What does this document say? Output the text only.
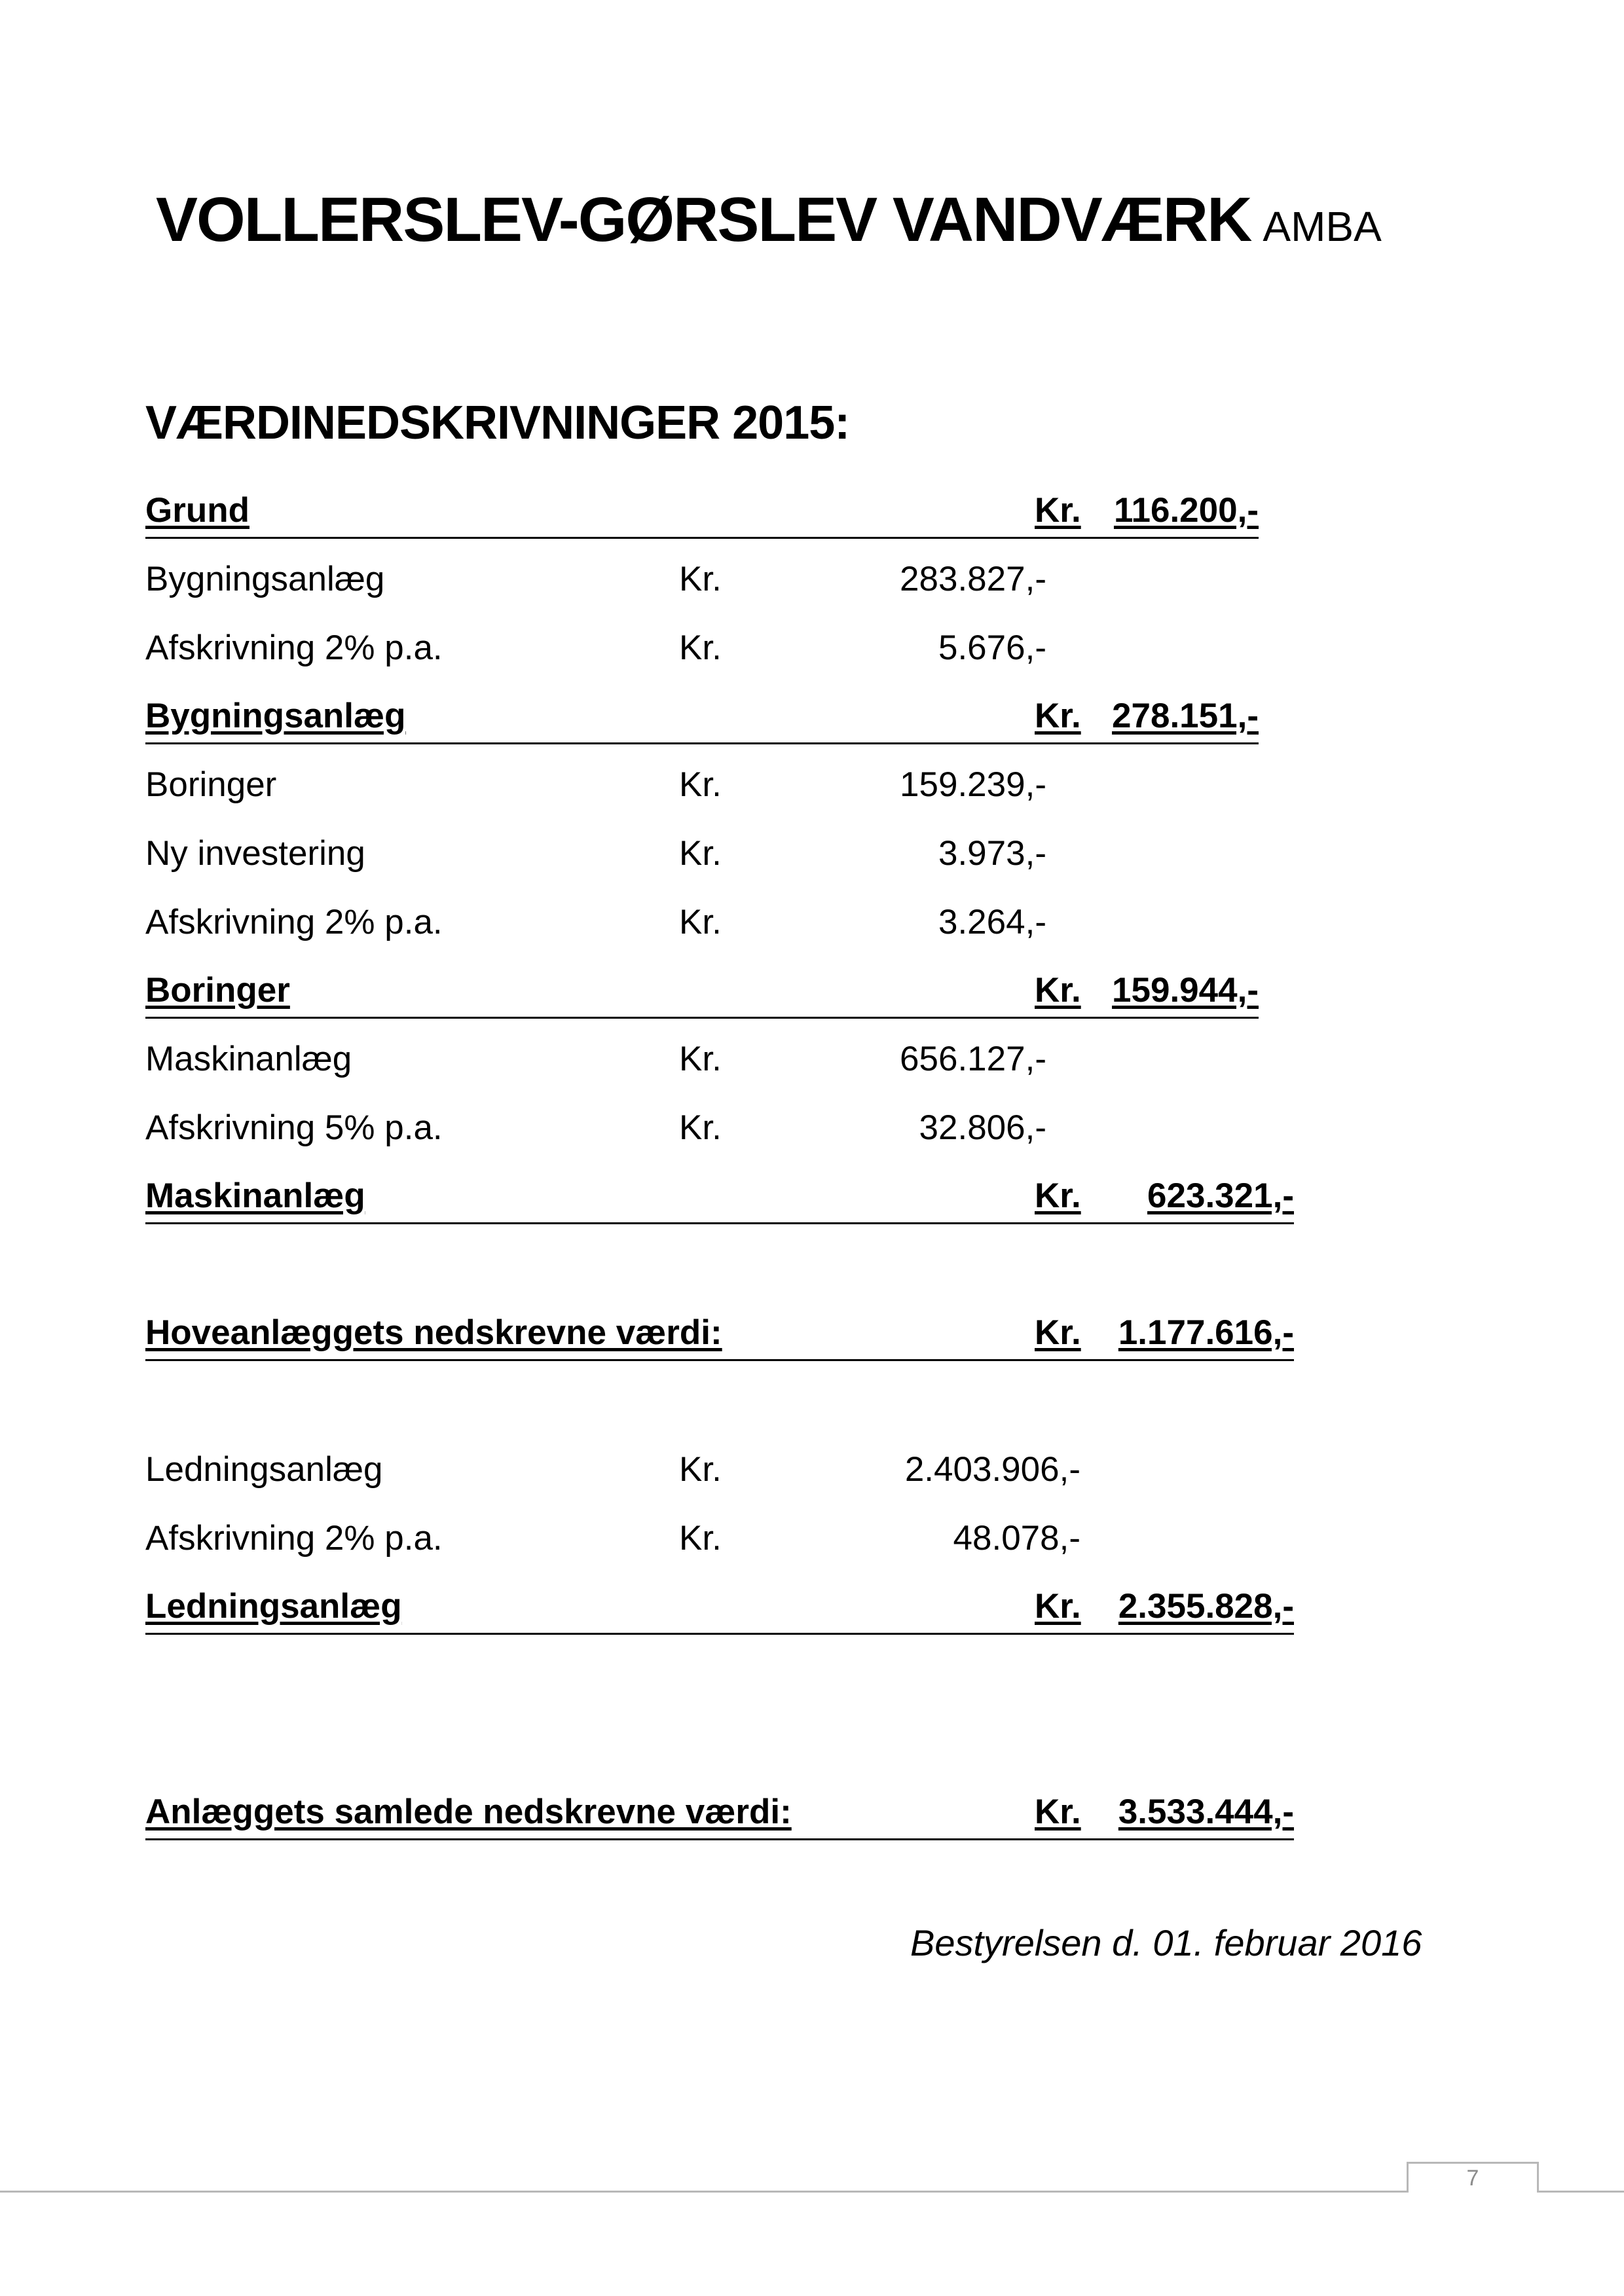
VOLLERSLEV-GØRSLEV VANDVÆRK AMBA
VÆRDINEDSKRIVNINGER 2015:
Grund	Kr. 116.200,-
Bygningsanlæg	Kr.	283.827,-
Afskrivning 2% p.a.	Kr.	5.676,-
Bygningsanlæg	Kr. 278.151,-
Boringer	Kr.	159.239,-
Ny investering	Kr.	3.973,-
Afskrivning 2% p.a.	Kr.	3.264,-
Boringer	Kr. 159.944,-
Maskinanlæg	Kr.	656.127,-
Afskrivning 5% p.a.	Kr.	32.806,-
Maskinanlæg	Kr.	623.321,-
Hoveanlæggets nedskrevne værdi:	Kr.	1.177.616,-
Ledningsanlæg	Kr.	2.403.906,-
Afskrivning 2% p.a.	Kr.	48.078,-
Ledningsanlæg	Kr.	2.355.828,-
Anlæggets samlede nedskrevne værdi:	Kr.	3.533.444,-
Bestyrelsen d. 01. februar 2016
7
